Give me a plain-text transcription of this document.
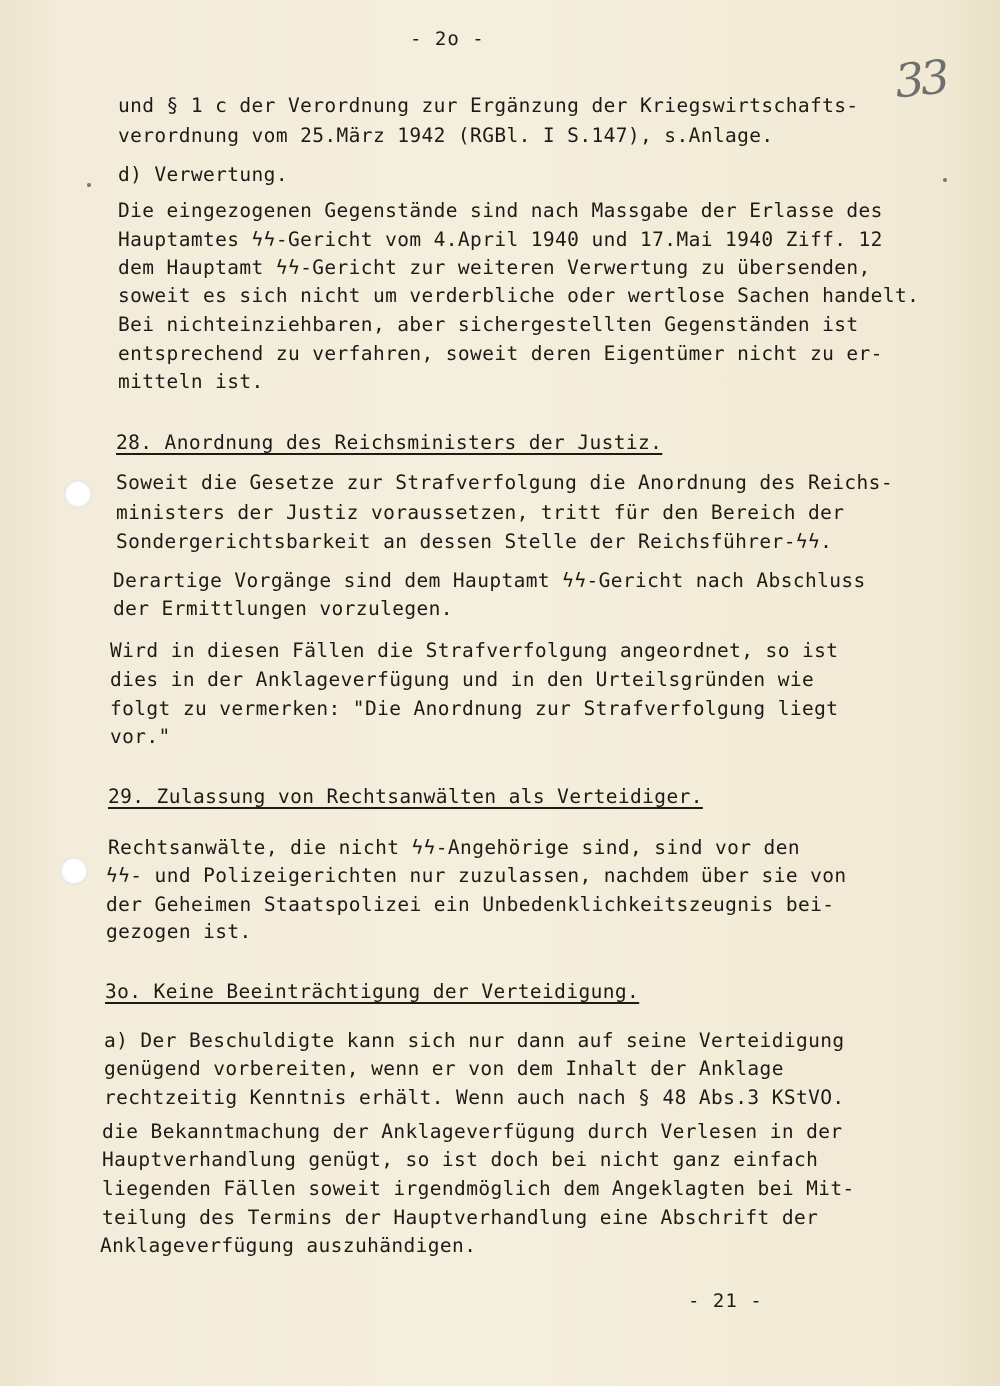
- 2o -
33
und § 1 c der Verordnung zur Ergänzung der Kriegswirtschafts-
verordnung vom 25.März 1942 (RGBl. I S.147), s.Anlage.
d) Verwertung.
Die eingezogenen Gegenstände sind nach Massgabe der Erlasse des
Hauptamtes ϟϟ-Gericht vom 4.April 1940 und 17.Mai 1940 Ziff. 12
dem Hauptamt ϟϟ-Gericht zur weiteren Verwertung zu übersenden,
soweit es sich nicht um verderbliche oder wertlose Sachen handelt.
Bei nichteinziehbaren, aber sichergestellten Gegenständen ist
entsprechend zu verfahren, soweit deren Eigentümer nicht zu er-
mitteln ist.
28. Anordnung des Reichsministers der Justiz.
Soweit die Gesetze zur Strafverfolgung die Anordnung des Reichs-
ministers der Justiz voraussetzen, tritt für den Bereich der
Sondergerichtsbarkeit an dessen Stelle der Reichsführer-ϟϟ.
Derartige Vorgänge sind dem Hauptamt ϟϟ-Gericht nach Abschluss
der Ermittlungen vorzulegen.
Wird in diesen Fällen die Strafverfolgung angeordnet, so ist
dies in der Anklageverfügung und in den Urteilsgründen wie
folgt zu vermerken: "Die Anordnung zur Strafverfolgung liegt
vor."
29. Zulassung von Rechtsanwälten als Verteidiger.
Rechtsanwälte, die nicht ϟϟ-Angehörige sind, sind vor den
ϟϟ- und Polizeigerichten nur zuzulassen, nachdem über sie von
der Geheimen Staatspolizei ein Unbedenklichkeitszeugnis bei-
gezogen ist.
3o. Keine Beeinträchtigung der Verteidigung.
a) Der Beschuldigte kann sich nur dann auf seine Verteidigung
genügend vorbereiten, wenn er von dem Inhalt der Anklage
rechtzeitig Kenntnis erhält. Wenn auch nach § 48 Abs.3 KStVO.
die Bekanntmachung der Anklageverfügung durch Verlesen in der
Hauptverhandlung genügt, so ist doch bei nicht ganz einfach
liegenden Fällen soweit irgendmöglich dem Angeklagten bei Mit-
teilung des Termins der Hauptverhandlung eine Abschrift der
Anklageverfügung auszuhändigen.
- 21 -
